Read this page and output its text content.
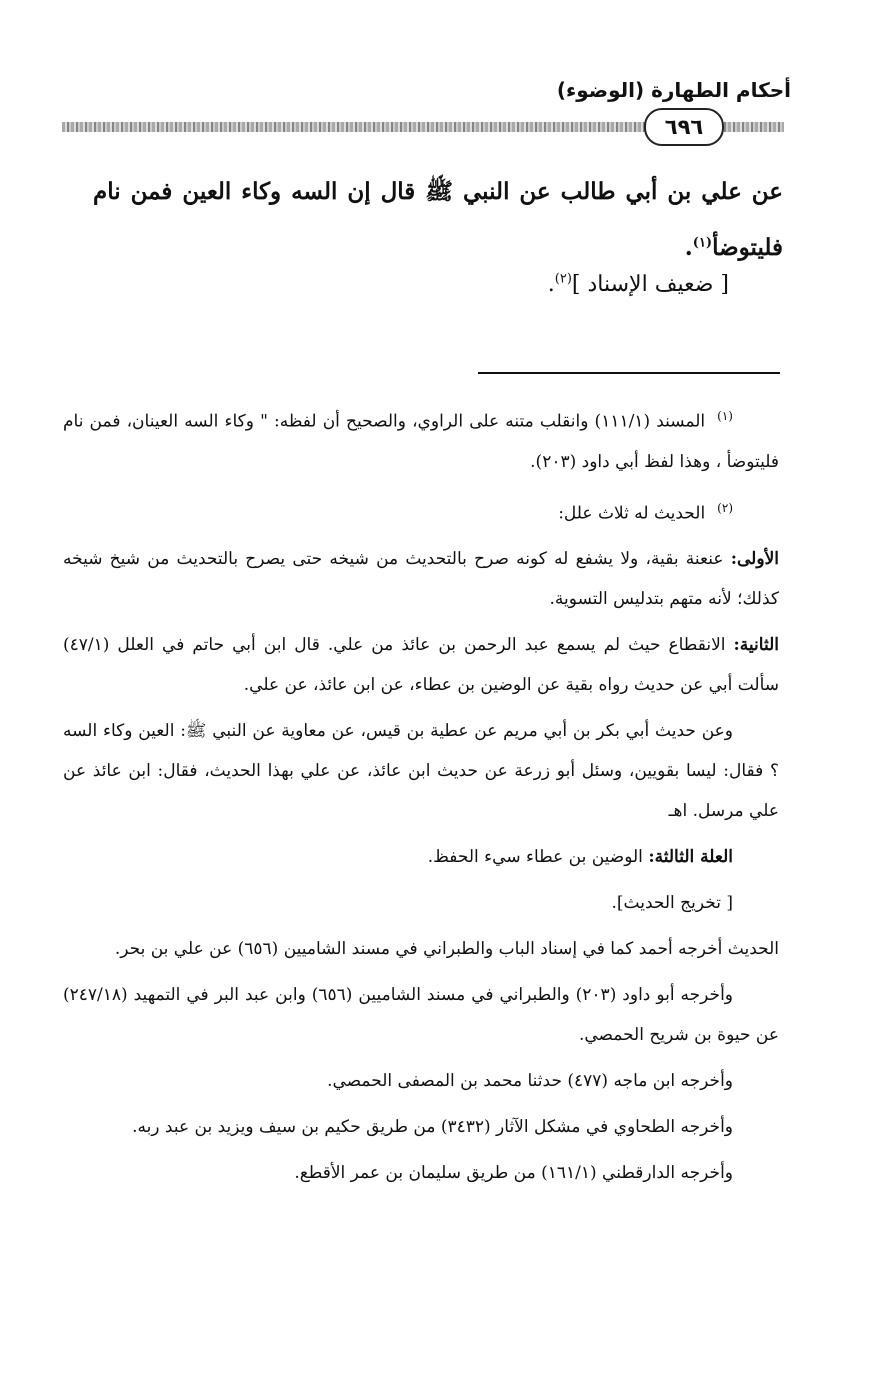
أحكام الطهارة (الوضوء)
٦٩٦
عن علي بن أبي طالب عن النبي ﷺ قال إن السه وكاء العين فمن نام فليتوضأ$^{(١)}$.
[ ضعيف الإسناد ]$^{(٢)}$.

$^{(١)}$المسند (١١١/١) وانقلب متنه على الراوي، والصحيح أن لفظه: " وكاء السه العينان، فمن نام فليتوضأ ، وهذا لفظ أبي داود (٢٠٣).

$^{(٢)}$الحديث له ثلاث علل:

الأولى: عنعنة بقية، ولا يشفع له كونه صرح بالتحديث من شيخه حتى يصرح بالتحديث من شيخ شيخه كذلك؛ لأنه متهم بتدليس التسوية.

الثانية: الانقطاع حيث لم يسمع عبد الرحمن بن عائذ من علي. قال ابن أبي حاتم في العلل (٤٧/١) سألت أبي عن حديث رواه بقية عن الوضين بن عطاء، عن ابن عائذ، عن علي.

وعن حديث أبي بكر بن أبي مريم عن عطية بن قيس، عن معاوية عن النبي ﷺ: العين وكاء السه ؟ فقال: ليسا بقويين، وسئل أبو زرعة عن حديث ابن عائذ، عن علي بهذا الحديث، فقال: ابن عائذ عن علي مرسل. اهـ

العلة الثالثة: الوضين بن عطاء سيء الحفظ.

[ تخريج الحديث].

الحديث أخرجه أحمد كما في إسناد الباب والطبراني في مسند الشاميين (٦٥٦) عن علي بن بحر.

وأخرجه أبو داود (٢٠٣) والطبراني في مسند الشاميين (٦٥٦) وابن عبد البر في التمهيد (٢٤٧/١٨) عن حيوة بن شريح الحمصي.

وأخرجه ابن ماجه (٤٧٧) حدثنا محمد بن المصفى الحمصي.

وأخرجه الطحاوي في مشكل الآثار (٣٤٣٢) من طريق حكيم بن سيف ويزيد بن عبد ربه.

وأخرجه الدارقطني (١٦١/١) من طريق سليمان بن عمر الأقطع.
